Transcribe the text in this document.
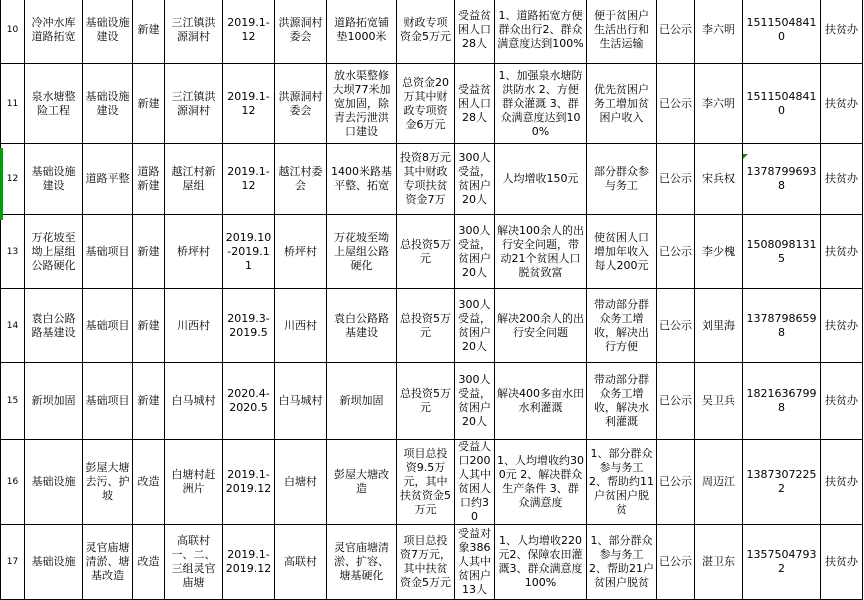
10	冷冲水库道路拓宽	基础设施建设	新建	三江镇洪源洞村	2019.1-12	洪源洞村委会	道路拓宽铺垫1000米	财政专项资金5万元	受益贫困人口28人	1、道路拓宽方便群众出行2、群众满意度达到100%	便于贫困户生活出行和生活运输	已公示	李六明	15115048410	扶贫办
11	泉水塘整险工程	基础设施建设	新建	三江镇洪源洞村	2019.1-12	洪源洞村委会	放水渠整修大坝77米加宽加固，除青去污泄洪口建设	总资金20万其中财政专项资金6万元	受益贫困人口28人	1、加强泉水塘防洪防水 2、方便群众灌溉 3、群众满意度达到100%	优先贫困户务工增加贫困户收入	已公示	李六明	15115048410	扶贫办
12	基础设施建设	道路平整	道路新建	越江村新屋组	2019.1-12	越江村委会	1400米路基平整、拓宽	投资8万元其中财政专项扶贫资金7万	300人受益，贫困户20人	人均增收150元	部分群众参与务工	已公示	宋兵权	13787996938	扶贫办
13	万花坡至坳上屋组公路硬化	基础项目	新建	桥坪村	2019.10-2019.11	桥坪村	万花坡至坳上屋组公路硬化	总投资5万元	300人受益，贫困户20人	解决100余人的出行安全问题，带动21个贫困人口脱贫致富	使贫困人口增加年收入每人200元	已公示	李少槐	15080981315	扶贫办
14	袁白公路路基建设	基础项目	新建	川西村	2019.3-2019.5	川西村	袁白公路路基建设	总投资5万元	300人受益，贫困户20人	解决200余人的出行安全问题	带动部分群众务工增收，解决出行方便	已公示	刘里海	13787986598	扶贫办
15	新坝加固	基础项目	新建	白马城村	2020.4-2020.5	白马城村	新坝加固	总投资5万元	300人受益，贫困户20人	解决400多亩水田水利灌溉	带动部分群众务工增收，解决水利灌溉	已公示	吴卫兵	18216367998	扶贫办
16	基础设施	彭屋大塘去污、护坡	改造	白塘村赶洲片	2019.1-2019.12	白塘村	彭屋大塘改造	项目总投资9.5万元，其中扶贫资金5万元	受益人口200人其中贫困人口约30	1、人均增收约300元 2、解决群众生产条件 3、群众满意度	1、部分群众参与务工 2、帮助约11户贫困户脱贫	已公示	周迈江	13873072252	扶贫办
17	基础设施	灵官庙塘清淤、塘基改造	改造	高联村一、二、三组灵官庙塘	2019.1-2019.12	高联村	灵官庙塘清淤、扩容、塘基硬化	项目总投资7万元，其中扶贫资金5万元	受益对象386人其中贫困户13人	1、人均增收220元2、保障农田灌溉3、群众满意度100%	1、部分群众参与务工 2、帮助21户贫困户脱贫	已公示	湛卫东	13575047932	扶贫办
